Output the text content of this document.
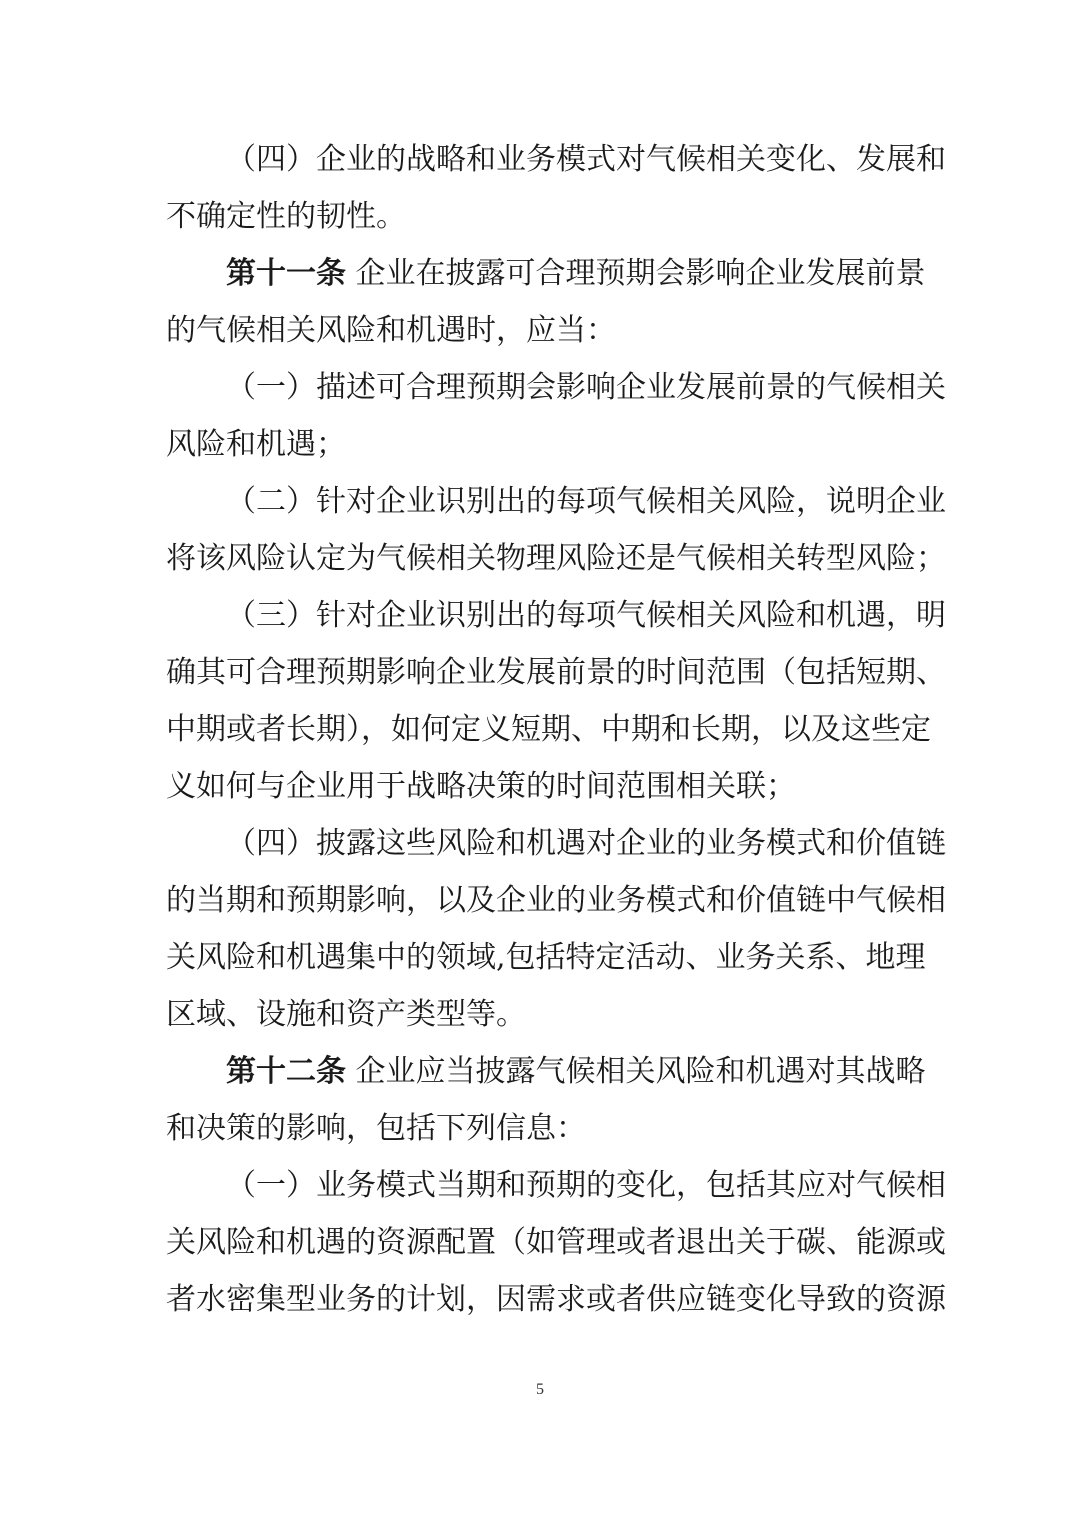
（四）企业的战略和业务模式对气候相关变化、发展和
不确定性的韧性。
第十一条 企业在披露可合理预期会影响企业发展前景
的气候相关风险和机遇时，应当：
（一）描述可合理预期会影响企业发展前景的气候相关
风险和机遇；
（二）针对企业识别出的每项气候相关风险，说明企业
将该风险认定为气候相关物理风险还是气候相关转型风险；
（三）针对企业识别出的每项气候相关风险和机遇，明
确其可合理预期影响企业发展前景的时间范围（包括短期、
中期或者长期），如何定义短期、中期和长期，以及这些定
义如何与企业用于战略决策的时间范围相关联；
（四）披露这些风险和机遇对企业的业务模式和价值链
的当期和预期影响，以及企业的业务模式和价值链中气候相
关风险和机遇集中的领域,包括特定活动、业务关系、地理
区域、设施和资产类型等。
第十二条 企业应当披露气候相关风险和机遇对其战略
和决策的影响，包括下列信息：
（一）业务模式当期和预期的变化，包括其应对气候相
关风险和机遇的资源配置（如管理或者退出关于碳、能源或
者水密集型业务的计划，因需求或者供应链变化导致的资源
5
